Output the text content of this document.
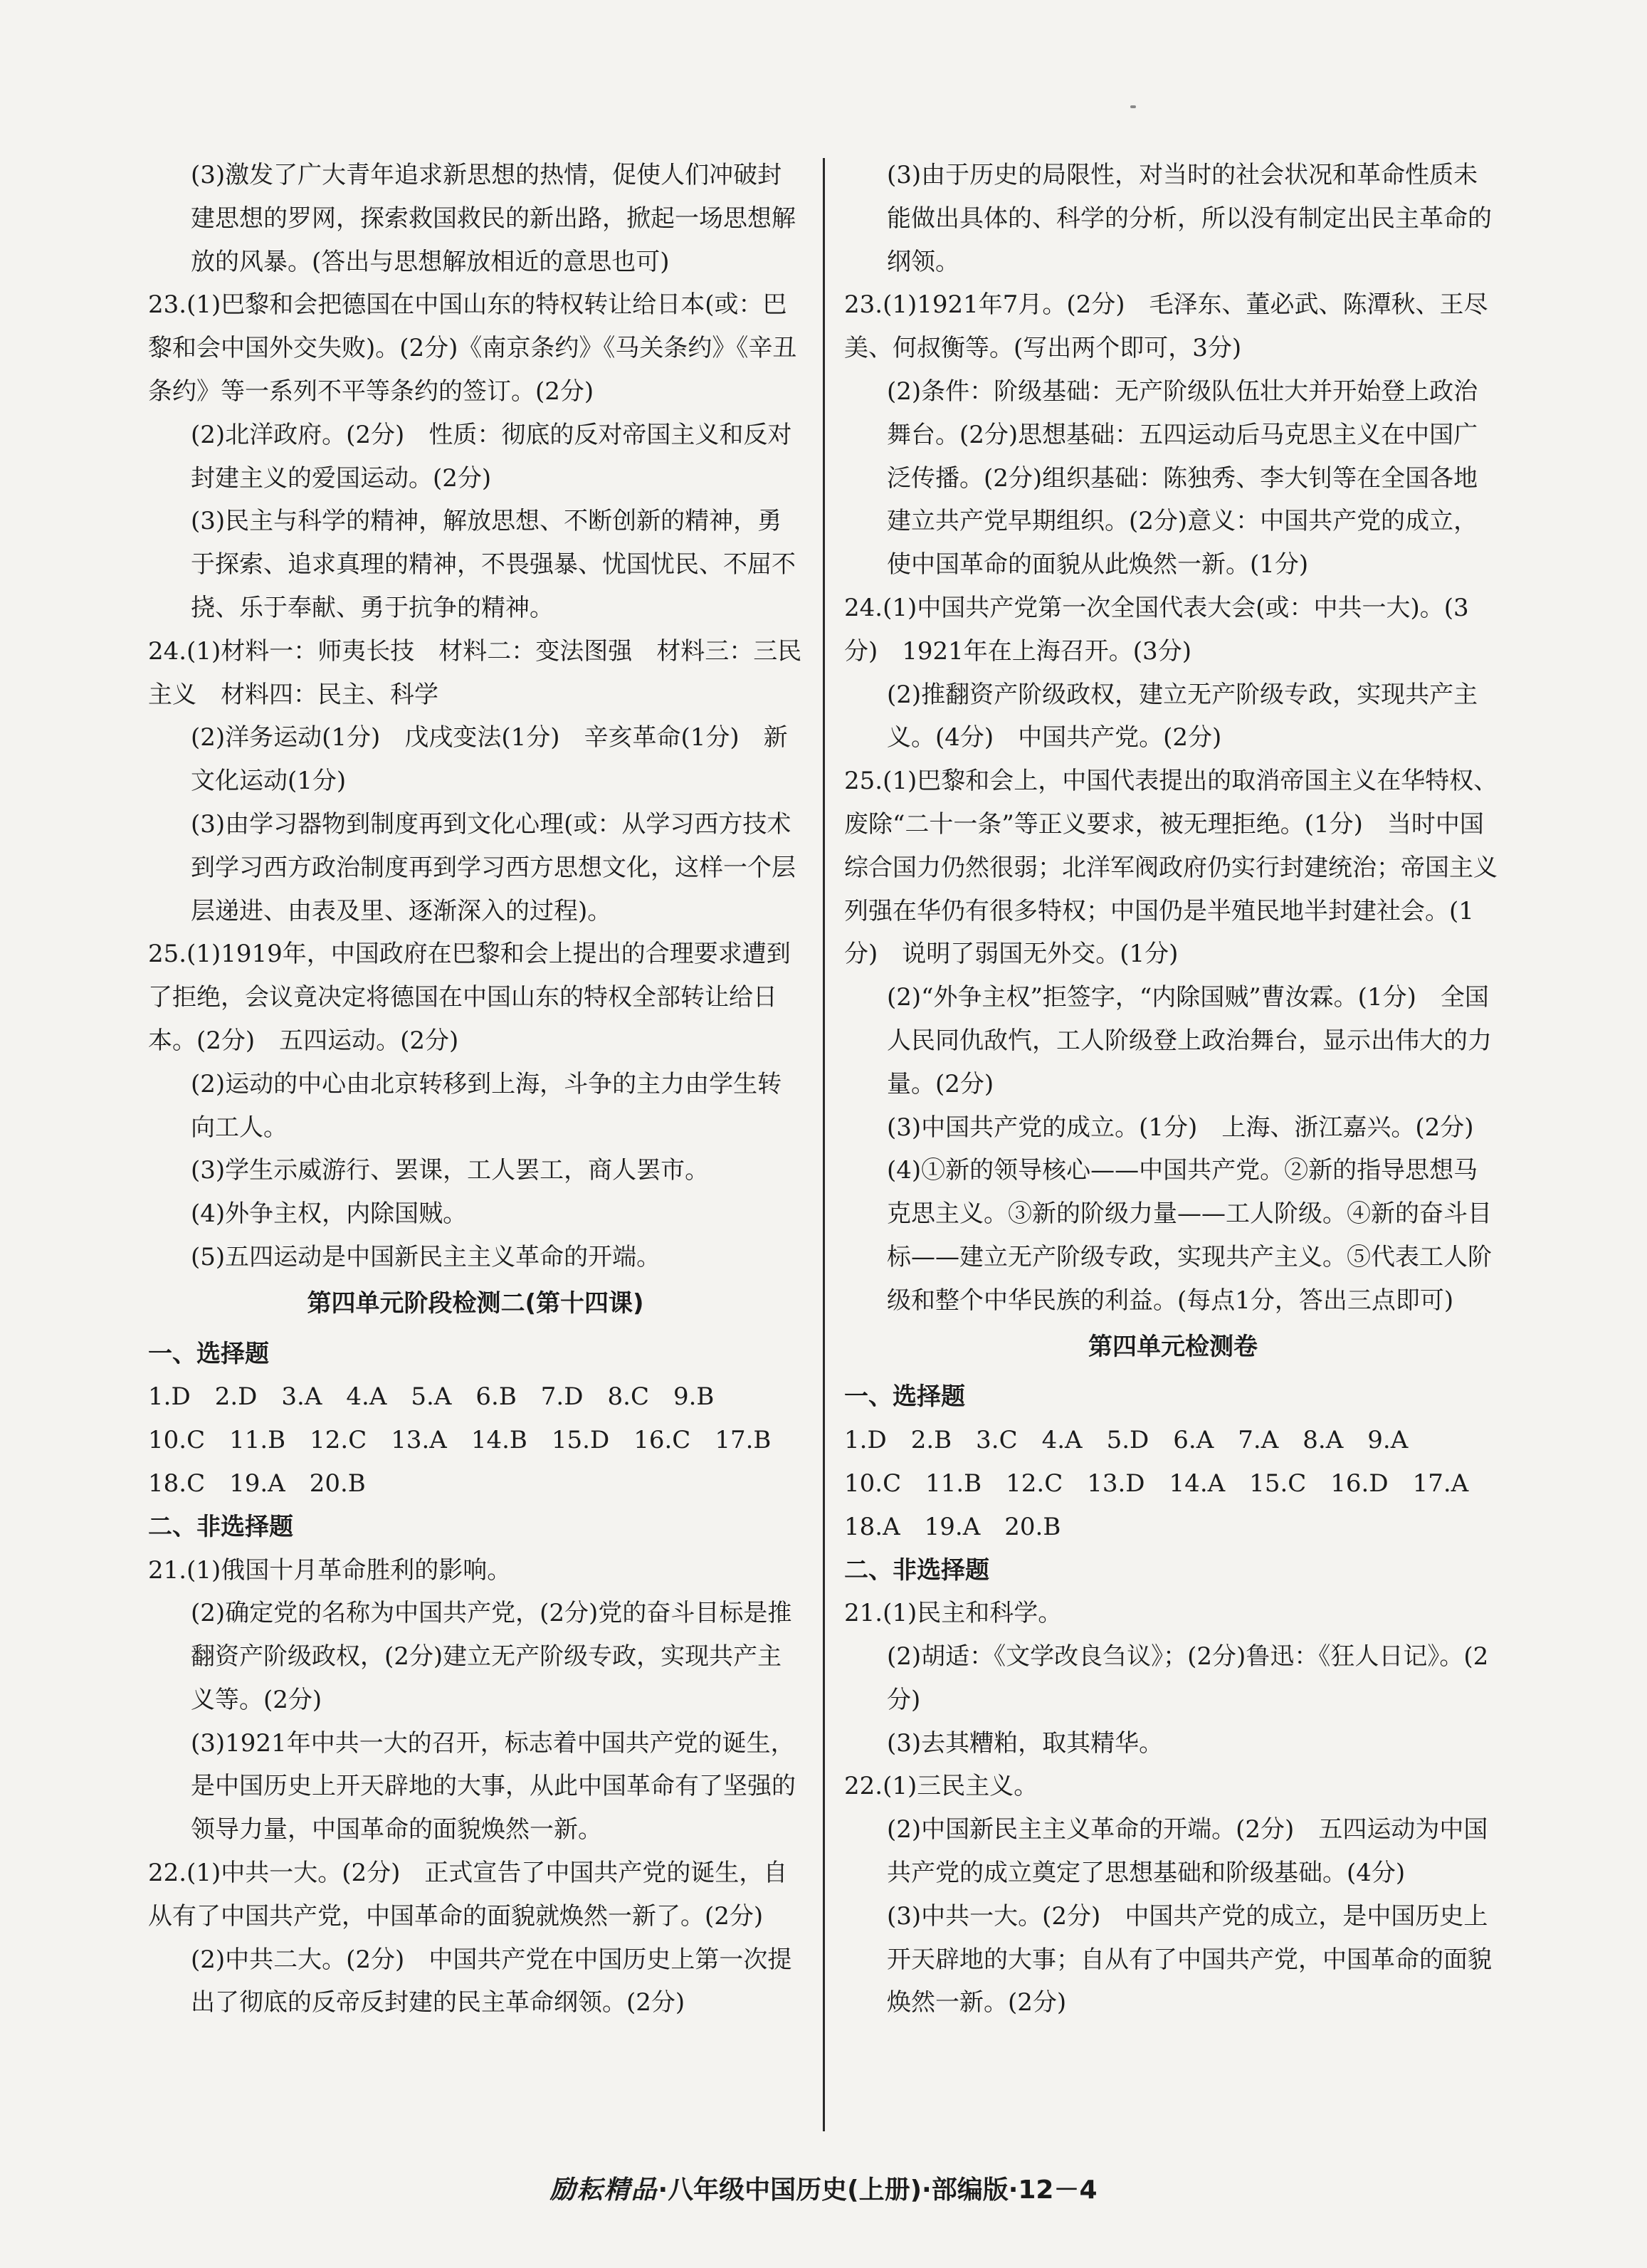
(3)激发了广大青年追求新思想的热情，促使人们冲破封建思想的罗网，探索救国救民的新出路，掀起一场思想解放的风暴。(答出与思想解放相近的意思也可)
23.(1)巴黎和会把德国在中国山东的特权转让给日本(或：巴黎和会中国外交失败)。(2分)《南京条约》《马关条约》《辛丑条约》等一系列不平等条约的签订。(2分)
(2)北洋政府。(2分)　性质：彻底的反对帝国主义和反对封建主义的爱国运动。(2分)
(3)民主与科学的精神，解放思想、不断创新的精神，勇于探索、追求真理的精神，不畏强暴、忧国忧民、不屈不挠、乐于奉献、勇于抗争的精神。
24.(1)材料一：师夷长技　材料二：变法图强　材料三：三民主义　材料四：民主、科学
(2)洋务运动(1分)　戊戌变法(1分)　辛亥革命(1分)　新文化运动(1分)
(3)由学习器物到制度再到文化心理(或：从学习西方技术到学习西方政治制度再到学习西方思想文化，这样一个层层递进、由表及里、逐渐深入的过程)。
25.(1)1919年，中国政府在巴黎和会上提出的合理要求遭到了拒绝，会议竟决定将德国在中国山东的特权全部转让给日本。(2分)　五四运动。(2分)
(2)运动的中心由北京转移到上海，斗争的主力由学生转向工人。
(3)学生示威游行、罢课，工人罢工，商人罢市。
(4)外争主权，内除国贼。
(5)五四运动是中国新民主主义革命的开端。
第四单元阶段检测二(第十四课)
一、选择题
1.D　2.D　3.A　4.A　5.A　6.B　7.D　8.C　9.B
10.C　11.B　12.C　13.A　14.B　15.D　16.C　17.B
18.C　19.A　20.B
二、非选择题
21.(1)俄国十月革命胜利的影响。
(2)确定党的名称为中国共产党，(2分)党的奋斗目标是推翻资产阶级政权，(2分)建立无产阶级专政，实现共产主义等。(2分)
(3)1921年中共一大的召开，标志着中国共产党的诞生，是中国历史上开天辟地的大事，从此中国革命有了坚强的领导力量，中国革命的面貌焕然一新。
22.(1)中共一大。(2分)　正式宣告了中国共产党的诞生，自从有了中国共产党，中国革命的面貌就焕然一新了。(2分)
(2)中共二大。(2分)　中国共产党在中国历史上第一次提出了彻底的反帝反封建的民主革命纲领。(2分)
(3)由于历史的局限性，对当时的社会状况和革命性质未能做出具体的、科学的分析，所以没有制定出民主革命的纲领。
23.(1)1921年7月。(2分)　毛泽东、董必武、陈潭秋、王尽美、何叔衡等。(写出两个即可，3分)
(2)条件：阶级基础：无产阶级队伍壮大并开始登上政治舞台。(2分)思想基础：五四运动后马克思主义在中国广泛传播。(2分)组织基础：陈独秀、李大钊等在全国各地建立共产党早期组织。(2分)意义：中国共产党的成立，使中国革命的面貌从此焕然一新。(1分)
24.(1)中国共产党第一次全国代表大会(或：中共一大)。(3分)　1921年在上海召开。(3分)
(2)推翻资产阶级政权，建立无产阶级专政，实现共产主义。(4分)　中国共产党。(2分)
25.(1)巴黎和会上，中国代表提出的取消帝国主义在华特权、废除“二十一条”等正义要求，被无理拒绝。(1分)　当时中国综合国力仍然很弱；北洋军阀政府仍实行封建统治；帝国主义列强在华仍有很多特权；中国仍是半殖民地半封建社会。(1分)　说明了弱国无外交。(1分)
(2)“外争主权”拒签字，“内除国贼”曹汝霖。(1分)　全国人民同仇敌忾，工人阶级登上政治舞台，显示出伟大的力量。(2分)
(3)中国共产党的成立。(1分)　上海、浙江嘉兴。(2分)
(4)①新的领导核心——中国共产党。②新的指导思想马克思主义。③新的阶级力量——工人阶级。④新的奋斗目标——建立无产阶级专政，实现共产主义。⑤代表工人阶级和整个中华民族的利益。(每点1分，答出三点即可)
第四单元检测卷
一、选择题
1.D　2.B　3.C　4.A　5.D　6.A　7.A　8.A　9.A
10.C　11.B　12.C　13.D　14.A　15.C　16.D　17.A
18.A　19.A　20.B
二、非选择题
21.(1)民主和科学。
(2)胡适：《文学改良刍议》；(2分)鲁迅：《狂人日记》。(2分)
(3)去其糟粕，取其精华。
22.(1)三民主义。
(2)中国新民主主义革命的开端。(2分)　五四运动为中国共产党的成立奠定了思想基础和阶级基础。(4分)
(3)中共一大。(2分)　中国共产党的成立，是中国历史上开天辟地的大事；自从有了中国共产党，中国革命的面貌焕然一新。(2分)
励耘精品·八年级中国历史(上册)·部编版·12－4
